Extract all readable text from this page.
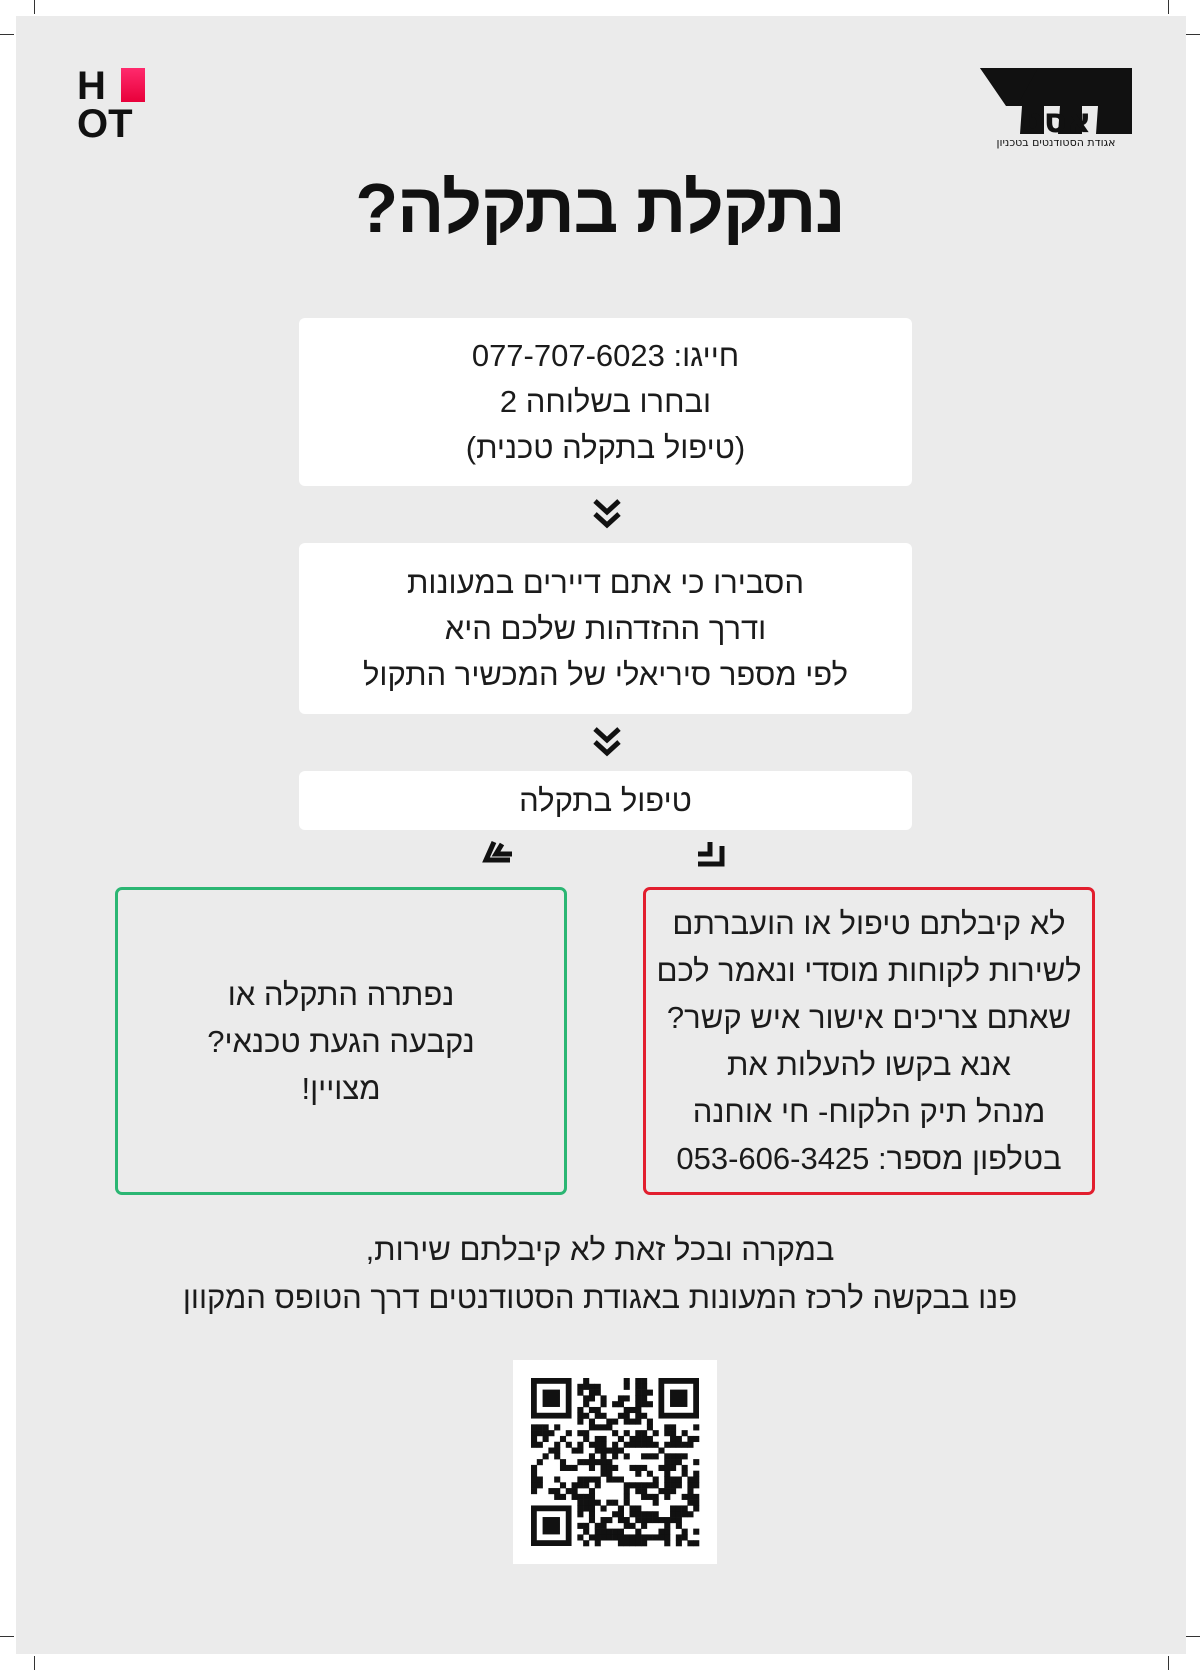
H
OT	אסט
אגודת הסטודנטים בטכניון
נתקלת בתקלה?
חייגו: 077-707-6023
ובחרו בשלוחה 2
(טיפול בתקלה טכנית)
הסבירו כי אתם דיירים במעונות
ודרך ההזדהות שלכם היא
לפי מספר סיריאלי של המכשיר התקול
טיפול בתקלה
נפתרה התקלה או
נקבעה הגעת טכנאי?
מצויין!
לא קיבלתם טיפול או הועברתם
לשירות לקוחות מוסדי ונאמר לכם
שאתם צריכים אישור איש קשר?
אנא בקשו להעלות את
מנהל תיק הלקוח- חי אוחנה
בטלפון מספר: 053-606-3425
במקרה ובכל זאת לא קיבלתם שירות,
פנו בבקשה לרכז המעונות באגודת הסטודנטים דרך הטופס המקוון
